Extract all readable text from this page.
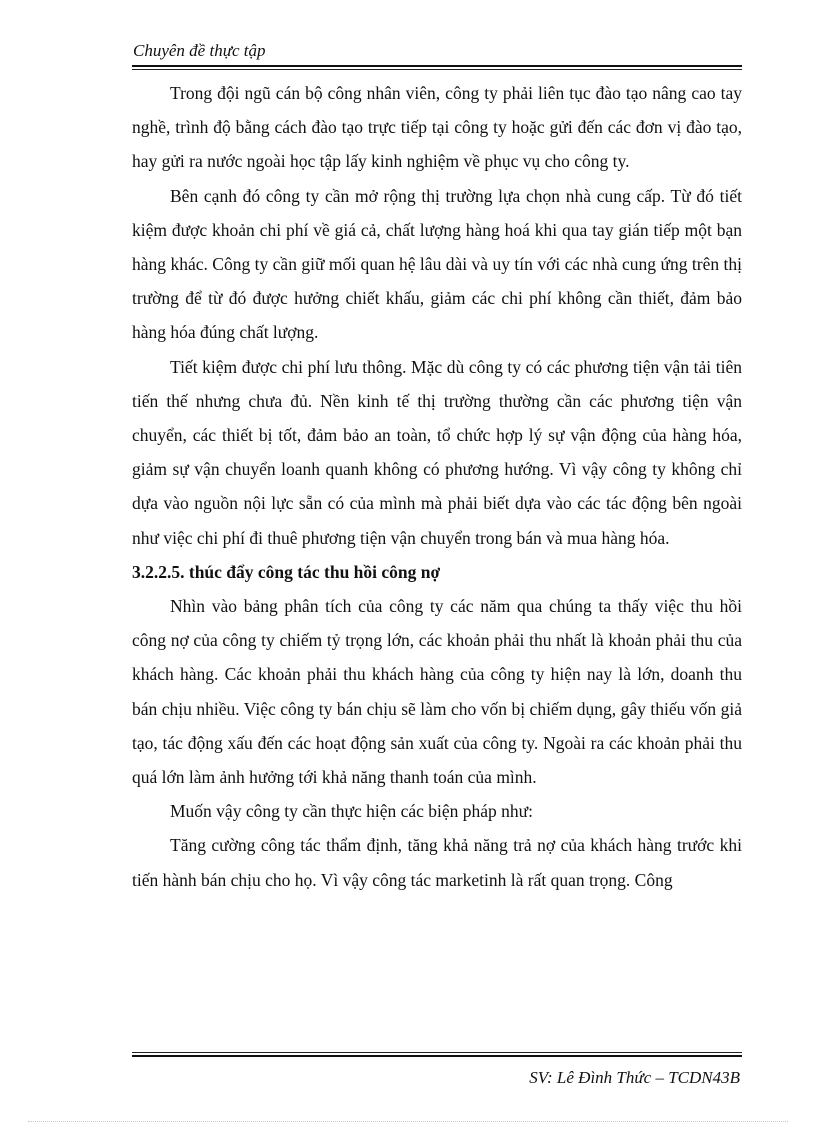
Chuyên đề thực tập

Trong đội ngũ cán bộ công nhân viên, công ty phải liên tục đào tạo nâng cao tay nghề, trình độ bằng cách đào tạo trực tiếp tại công ty hoặc gửi đến các đơn vị đào tạo, hay gửi ra nước ngoài học tập lấy kinh nghiệm về phục vụ cho công ty.

Bên cạnh đó công ty cần mở rộng thị trường lựa chọn nhà cung cấp. Từ đó tiết kiệm được khoản chi phí về giá cả, chất lượng hàng hoá khi qua tay gián tiếp một bạn hàng khác. Công ty cần giữ mối quan hệ lâu dài và uy tín với các nhà cung ứng trên thị trường để từ đó được hưởng chiết khấu, giảm các chi phí không cần thiết, đảm bảo hàng hóa đúng chất lượng.

Tiết kiệm được chi phí lưu thông. Mặc dù công ty có các phương tiện vận tải tiên tiến thế nhưng chưa đủ. Nền kinh tế thị trường thường cần các phương tiện vận chuyển, các thiết bị tốt, đảm bảo an toàn, tổ chức hợp lý sự vận động của hàng hóa, giảm sự vận chuyển loanh quanh không có phương hướng. Vì vậy công ty không chỉ dựa vào nguồn nội lực sẵn có của mình mà phải biết dựa vào các tác động bên ngoài như việc chi phí đi thuê phương tiện vận chuyển trong bán và mua hàng hóa.

3.2.2.5. thúc đẩy công tác thu hồi công nợ

Nhìn vào bảng phân tích của công ty các năm qua chúng ta thấy việc thu hồi công nợ của công ty chiếm tỷ trọng lớn, các khoản phải thu nhất là khoản phải thu của khách hàng. Các khoản phải thu khách hàng của công ty hiện nay là lớn, doanh thu bán chịu nhiều. Việc công ty bán chịu sẽ làm cho vốn bị chiếm dụng, gây thiếu vốn giả tạo, tác động xấu đến các hoạt động sản xuất của công ty. Ngoài ra các khoản phải thu quá lớn làm ảnh hưởng tới khả năng thanh toán của mình.

Muốn vậy công ty cần thực hiện các biện pháp như:

Tăng cường công tác thẩm định, tăng khả năng trả nợ của khách hàng trước khi tiến hành bán chịu cho họ. Vì vậy công tác marketinh là rất quan trọng. Công

SV: Lê Đình Thức – TCDN43B
